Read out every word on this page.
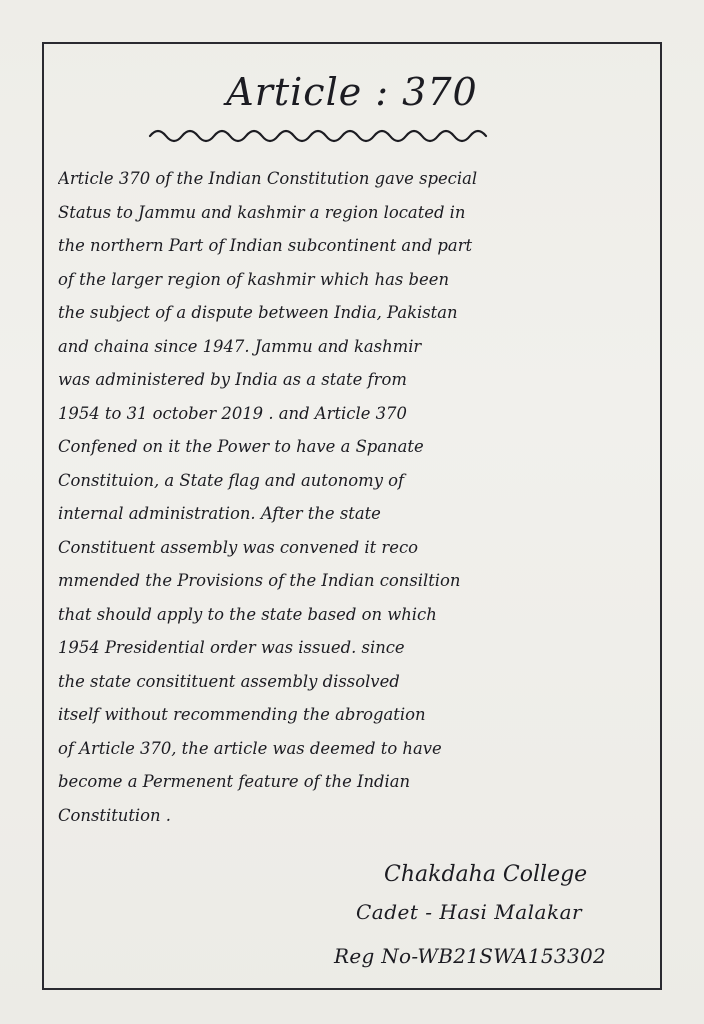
Article : 370
Article 370 of the Indian Constitution gave special
Status to Jammu and kashmir a region located in
the northern Part of Indian subcontinent and part
of the larger region of kashmir which has been
the subject of a dispute between India, Pakistan
and chaina since 1947. Jammu and kashmir
was administered by India as a state from
1954 to 31 october 2019 . and Article 370
Confened on it the Power to have a Spanate
Constituion, a State flag and autonomy of
internal administration. After the state
Constituent assembly was convened it reco
mmended the Provisions of the Indian consiltion
that should apply to the state based on which
1954 Presidential order was issued. since
the state consitituent assembly dissolved
itself without recommending the abrogation
of Article 370, the article was deemed to have
become a Permenent feature of the Indian
Constitution .
Chakdaha College
Cadet - Hasi Malakar
Reg No-WB21SWA153302
